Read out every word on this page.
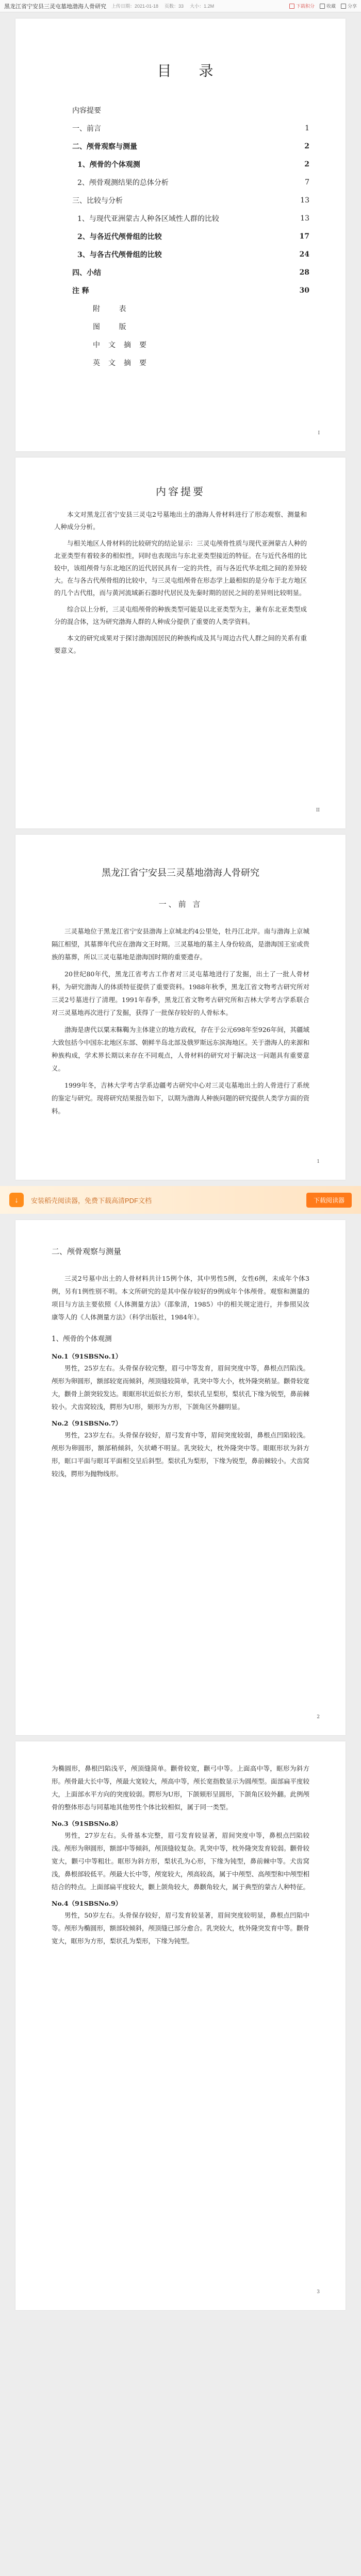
黑龙江省宁安县三灵屯墓地渤海人骨研究 上传日期：2021-01-18 页数：33 大小：1.2M	下载积分	收藏	分享
目 录
内容提要
一、前言	1
二、颅骨观察与测量	2
1、颅骨的个体观测	2
2、颅骨观测结果的总体分析	7
三、比较与分析	13
1、与现代亚洲蒙古人种各区域性人群的比较	13
2、与各近代颅骨组的比较	17
3、与各古代颅骨组的比较	24
四、小结	28
注 释	30
附 表
图 版
中文摘要
英文摘要
I
内容提要

本文对黑龙江省宁安县三灵屯2号墓地出土的渤海人骨材料进行了形态观察、测量和人种成分分析。

与相关地区人骨材料的比较研究的结论显示：三灵屯颅骨性质与现代亚洲蒙古人种的北亚类型有着较多的相似性，同时也表现出与东北亚类型接近的特征。在与近代各组的比较中，该组颅骨与东北地区的近代居民具有一定的共性，而与各近代华北组之间的差异较大。在与各古代颅骨组的比较中，与三灵屯组颅骨在形态学上最相似的是分布于北方地区的几个古代组，而与黄河流域新石器时代居民及先秦时期的居民之间的差异则比较明显。

综合以上分析，三灵屯组颅骨的种族类型可能是以北亚类型为主，兼有东北亚类型成分的混合体，这为研究渤海人群的人种成分提供了重要的人类学资料。

本文的研究成果对于探讨渤海国居民的种族构成及其与周边古代人群之间的关系有重要意义。

II
黑龙江省宁安县三灵墓地渤海人骨研究
一、前 言

三灵墓地位于黑龙江省宁安县渤海上京城北约4公里处，牡丹江北岸。南与渤海上京城隔江相望，其墓葬年代应在渤海文王时期。三灵墓地的墓主人身份较高，是渤海国王室或贵族的墓葬，所以三灵屯墓地是渤海国时期的重要遗存。

20世纪80年代，黑龙江省考古工作者对三灵屯墓地进行了发掘，出土了一批人骨材料，为研究渤海人的体质特征提供了重要资料。1988年秋季，黑龙江省文物考古研究所对三灵2号墓进行了清理。1991年春季，黑龙江省文物考古研究所和吉林大学考古学系联合对三灵墓地再次进行了发掘，获得了一批保存较好的人骨标本。

渤海是唐代以粟末靺鞨为主体建立的地方政权，存在于公元698年至926年间，其疆域大致包括今中国东北地区东部、朝鲜半岛北部及俄罗斯远东滨海地区。关于渤海人的来源和种族构成，学术界长期以来存在不同观点，人骨材料的研究对于解决这一问题具有重要意义。

1999年冬，吉林大学考古学系边疆考古研究中心对三灵屯墓地出土的人骨进行了系统的鉴定与研究。现将研究结果报告如下，以期为渤海人种族问题的研究提供人类学方面的资料。

1
↓	安装稻壳阅读器，免费下载高清PDF文档	下载阅读器
二、颅骨观察与测量

三灵2号墓中出土的人骨材料共计15例个体，其中男性5例，女性6例，未成年个体3例，另有1例性别不明。本文所研究的是其中保存较好的9例成年个体颅骨。观察和测量的项目与方法主要依照《人体测量方法》（邵象清，1985）中的相关规定进行，并参照吴汝康等人的《人体测量方法》（科学出版社，1984年）。

1、颅骨的个体观测
No.1（91SBSNo.1）

男性，25岁左右。头骨保存较完整，眉弓中等发育，眉间突度中等，鼻根点凹陷浅。颅形为卵圆形，额部较宽而倾斜，颅顶缝较简单，乳突中等大小，枕外隆突稍显。颧骨较宽大，颧骨上颌突较发达。眼眶形状近似长方形，梨状孔呈梨形，梨状孔下缘为锐型，鼻前棘较小。犬齿窝较浅，腭形为U形，颏形为方形，下颌角区外翻明显。

No.2（91SBSNo.7）

男性，23岁左右。头骨保存较好，眉弓发育中等，眉间突度较弱，鼻根点凹陷较浅。颅形为卵圆形，额部稍倾斜，矢状嵴不明显。乳突较大，枕外隆突中等。眼眶形状为斜方形，眶口平面与眼耳平面相交呈后斜型。梨状孔为梨形，下缘为锐型，鼻前棘较小。犬齿窝较浅，腭形为抛物线形。

2

为椭圆形，鼻根凹陷浅平，颅顶缝简单。颧骨较宽，颧弓中等。上面高中等，眶形为斜方形。颅骨最大长中等，颅最大宽较大，颅高中等，颅长宽指数显示为圆颅型。面部扁平度较大，上面部水平方向的突度较弱。腭形为U形，下颌颏形呈圆形，下颌角区较外翻。此例颅骨的整体形态与同墓地其他男性个体比较相似，属于同一类型。

No.3（91SBSNo.8）

男性，27岁左右。头骨基本完整，眉弓发育较显著，眉间突度中等，鼻根点凹陷较浅。颅形为卵圆形，额部中等倾斜，颅顶缝较复杂。乳突中等，枕外隆突发育较弱。颧骨较宽大，颧弓中等粗壮。眶形为斜方形，梨状孔为心形，下缘为钝型，鼻前棘中等。犬齿窝浅，鼻根部较低平。颅最大长中等，颅宽较大，颅高较高，属于中颅型、高颅型和中颅型相结合的特点。上面部扁平度较大，颧上颌角较大，鼻颧角较大，属于典型的蒙古人种特征。

No.4（91SBSNo.9）

男性，50岁左右。头骨保存较好，眉弓发育较显著，眉间突度较明显，鼻根点凹陷中等。颅形为椭圆形，额部较倾斜，颅顶缝已部分愈合。乳突较大，枕外隆突发育中等。颧骨宽大，眶形为方形，梨状孔为梨形，下缘为钝型。

3
